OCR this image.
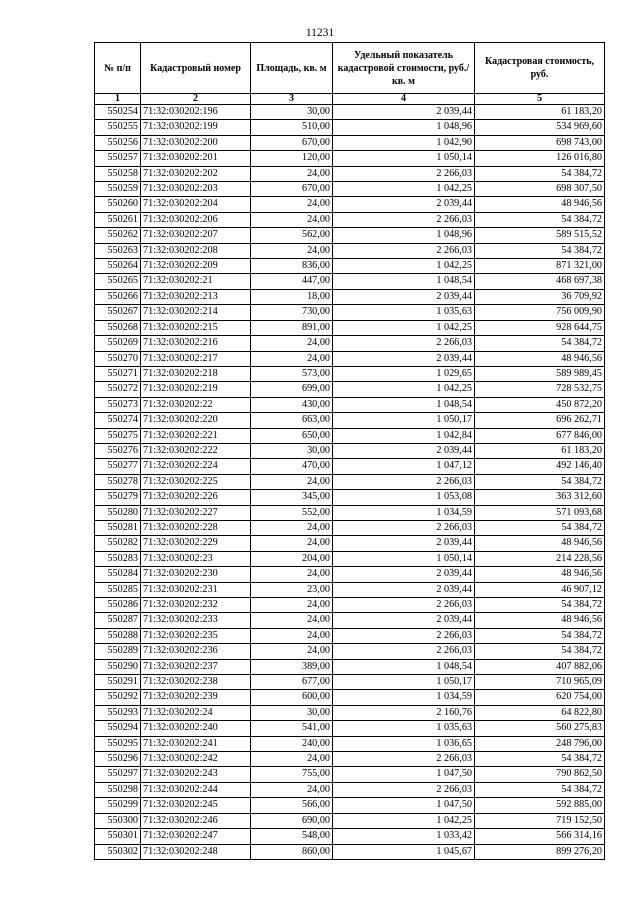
11231
№ п/п	Кадастровый номер	Площадь, кв. м	Удельный показатель кадастровой стоимости, руб./кв. м	Кадастровая стоимость, руб.
1	2	3	4	5
550254	71:32:030202:196	30,00	2 039,44	61 183,20
550255	71:32:030202:199	510,00	1 048,96	534 969,60
550256	71:32:030202:200	670,00	1 042,90	698 743,00
550257	71:32:030202:201	120,00	1 050,14	126 016,80
550258	71:32:030202:202	24,00	2 266,03	54 384,72
550259	71:32:030202:203	670,00	1 042,25	698 307,50
550260	71:32:030202:204	24,00	2 039,44	48 946,56
550261	71:32:030202:206	24,00	2 266,03	54 384,72
550262	71:32:030202:207	562,00	1 048,96	589 515,52
550263	71:32:030202:208	24,00	2 266,03	54 384,72
550264	71:32:030202:209	836,00	1 042,25	871 321,00
550265	71:32:030202:21	447,00	1 048,54	468 697,38
550266	71:32:030202:213	18,00	2 039,44	36 709,92
550267	71:32:030202:214	730,00	1 035,63	756 009,90
550268	71:32:030202:215	891,00	1 042,25	928 644,75
550269	71:32:030202:216	24,00	2 266,03	54 384,72
550270	71:32:030202:217	24,00	2 039,44	48 946,56
550271	71:32:030202:218	573,00	1 029,65	589 989,45
550272	71:32:030202:219	699,00	1 042,25	728 532,75
550273	71:32:030202:22	430,00	1 048,54	450 872,20
550274	71:32:030202:220	663,00	1 050,17	696 262,71
550275	71:32:030202:221	650,00	1 042,84	677 846,00
550276	71:32:030202:222	30,00	2 039,44	61 183,20
550277	71:32:030202:224	470,00	1 047,12	492 146,40
550278	71:32:030202:225	24,00	2 266,03	54 384,72
550279	71:32:030202:226	345,00	1 053,08	363 312,60
550280	71:32:030202:227	552,00	1 034,59	571 093,68
550281	71:32:030202:228	24,00	2 266,03	54 384,72
550282	71:32:030202:229	24,00	2 039,44	48 946,56
550283	71:32:030202:23	204,00	1 050,14	214 228,56
550284	71:32:030202:230	24,00	2 039,44	48 946,56
550285	71:32:030202:231	23,00	2 039,44	46 907,12
550286	71:32:030202:232	24,00	2 266,03	54 384,72
550287	71:32:030202:233	24,00	2 039,44	48 946,56
550288	71:32:030202:235	24,00	2 266,03	54 384,72
550289	71:32:030202:236	24,00	2 266,03	54 384,72
550290	71:32:030202:237	389,00	1 048,54	407 882,06
550291	71:32:030202:238	677,00	1 050,17	710 965,09
550292	71:32:030202:239	600,00	1 034,59	620 754,00
550293	71:32:030202:24	30,00	2 160,76	64 822,80
550294	71:32:030202:240	541,00	1 035,63	560 275,83
550295	71:32:030202:241	240,00	1 036,65	248 796,00
550296	71:32:030202:242	24,00	2 266,03	54 384,72
550297	71:32:030202:243	755,00	1 047,50	790 862,50
550298	71:32:030202:244	24,00	2 266,03	54 384,72
550299	71:32:030202:245	566,00	1 047,50	592 885,00
550300	71:32:030202:246	690,00	1 042,25	719 152,50
550301	71:32:030202:247	548,00	1 033,42	566 314,16
550302	71:32:030202:248	860,00	1 045,67	899 276,20
